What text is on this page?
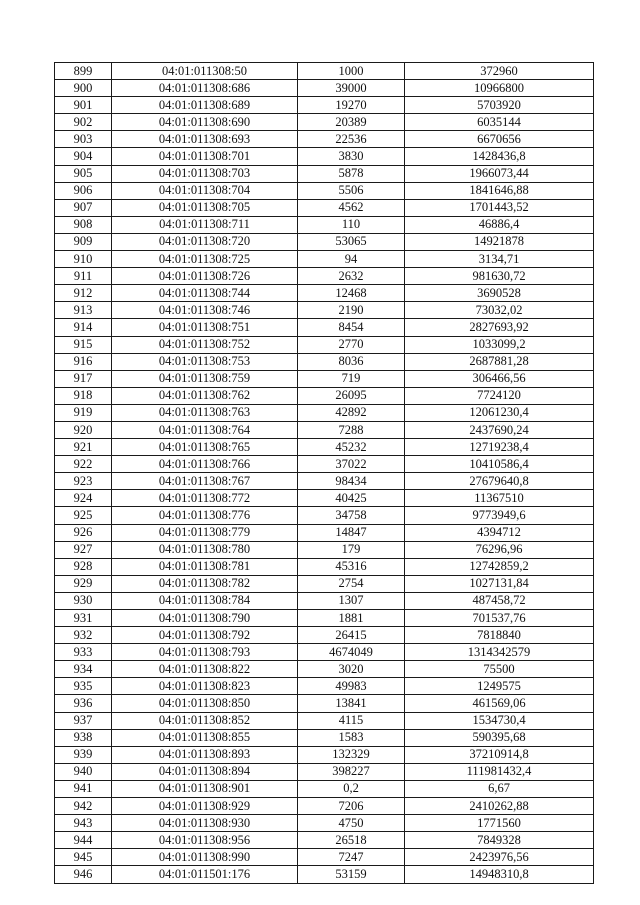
899	04:01:011308:50	1000	372960
900	04:01:011308:686	39000	10966800
901	04:01:011308:689	19270	5703920
902	04:01:011308:690	20389	6035144
903	04:01:011308:693	22536	6670656
904	04:01:011308:701	3830	1428436,8
905	04:01:011308:703	5878	1966073,44
906	04:01:011308:704	5506	1841646,88
907	04:01:011308:705	4562	1701443,52
908	04:01:011308:711	110	46886,4
909	04:01:011308:720	53065	14921878
910	04:01:011308:725	94	3134,71
911	04:01:011308:726	2632	981630,72
912	04:01:011308:744	12468	3690528
913	04:01:011308:746	2190	73032,02
914	04:01:011308:751	8454	2827693,92
915	04:01:011308:752	2770	1033099,2
916	04:01:011308:753	8036	2687881,28
917	04:01:011308:759	719	306466,56
918	04:01:011308:762	26095	7724120
919	04:01:011308:763	42892	12061230,4
920	04:01:011308:764	7288	2437690,24
921	04:01:011308:765	45232	12719238,4
922	04:01:011308:766	37022	10410586,4
923	04:01:011308:767	98434	27679640,8
924	04:01:011308:772	40425	11367510
925	04:01:011308:776	34758	9773949,6
926	04:01:011308:779	14847	4394712
927	04:01:011308:780	179	76296,96
928	04:01:011308:781	45316	12742859,2
929	04:01:011308:782	2754	1027131,84
930	04:01:011308:784	1307	487458,72
931	04:01:011308:790	1881	701537,76
932	04:01:011308:792	26415	7818840
933	04:01:011308:793	4674049	1314342579
934	04:01:011308:822	3020	75500
935	04:01:011308:823	49983	1249575
936	04:01:011308:850	13841	461569,06
937	04:01:011308:852	4115	1534730,4
938	04:01:011308:855	1583	590395,68
939	04:01:011308:893	132329	37210914,8
940	04:01:011308:894	398227	111981432,4
941	04:01:011308:901	0,2	6,67
942	04:01:011308:929	7206	2410262,88
943	04:01:011308:930	4750	1771560
944	04:01:011308:956	26518	7849328
945	04:01:011308:990	7247	2423976,56
946	04:01:011501:176	53159	14948310,8
